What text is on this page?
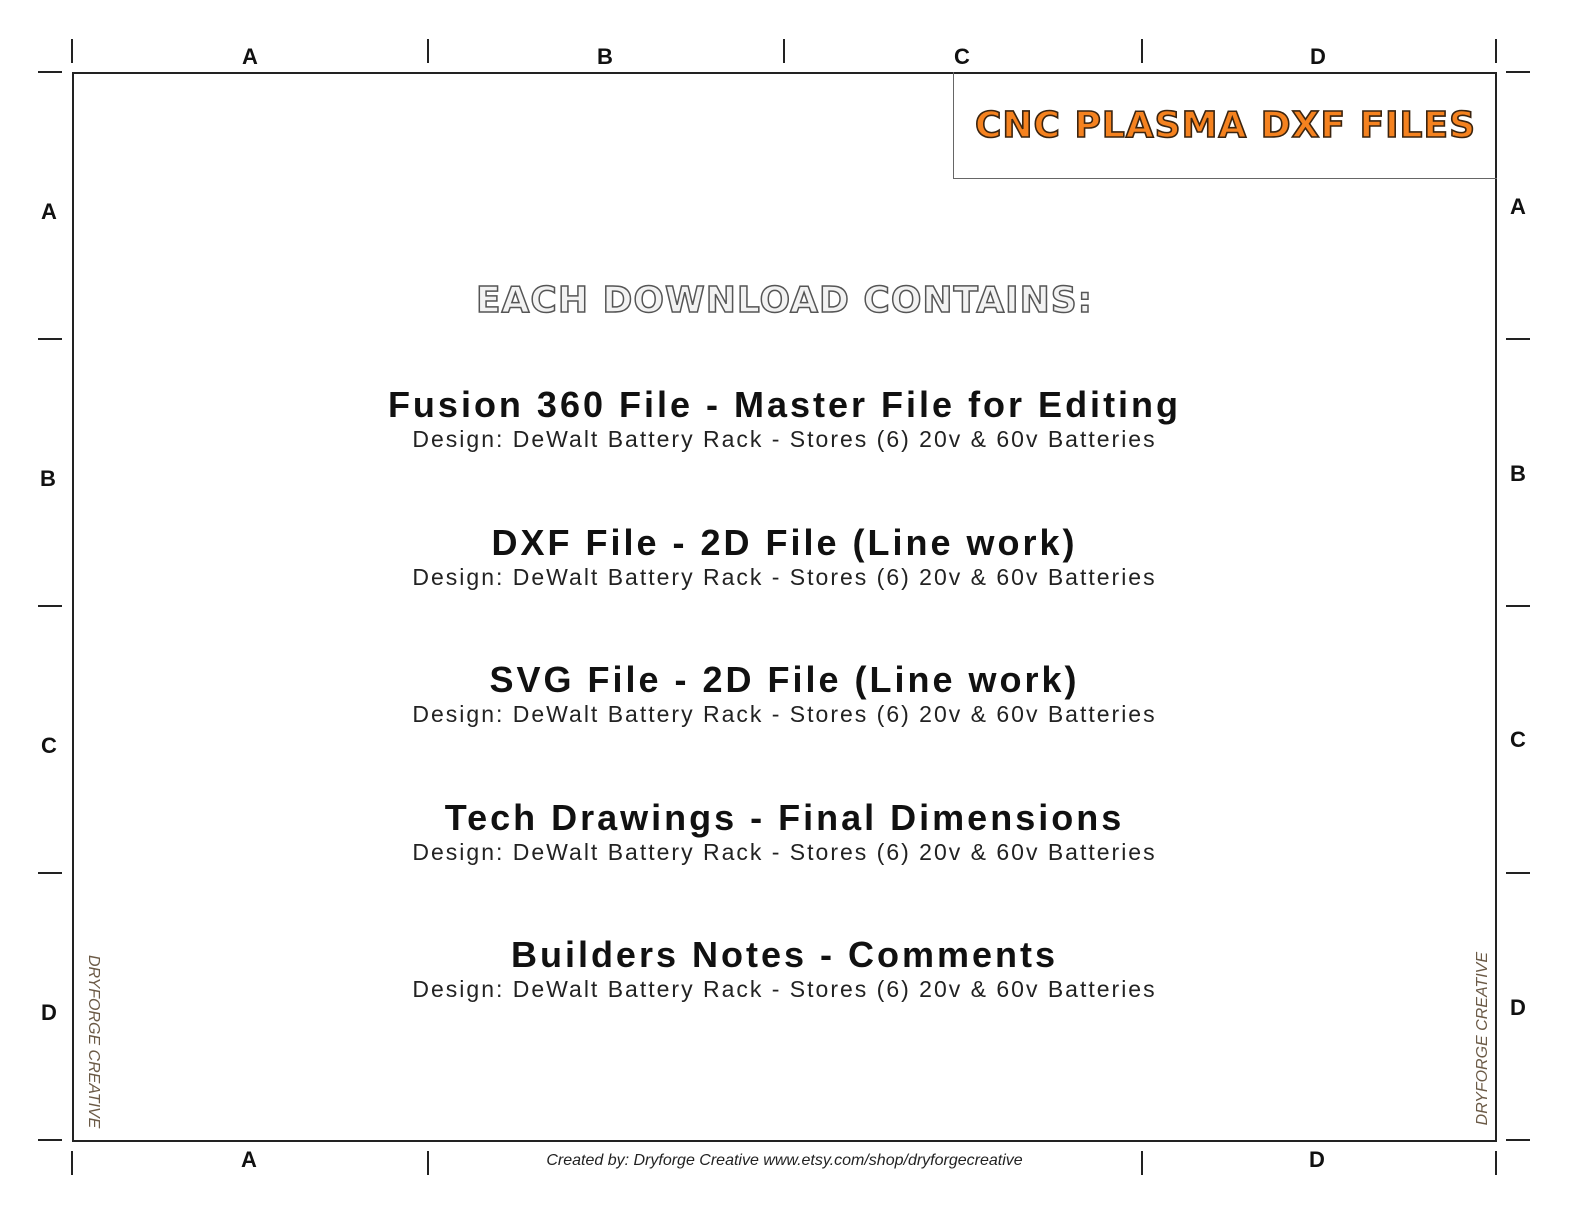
A	B	C	D
A	D
A
B
C
D
A
B
C
D
CNC PLASMA DXF FILES
EACH DOWNLOAD CONTAINS:
Fusion 360 File - Master File for Editing
Design: DeWalt Battery Rack - Stores (6) 20v & 60v Batteries
DXF File - 2D File (Line work)
Design: DeWalt Battery Rack - Stores (6) 20v & 60v Batteries
SVG File - 2D File (Line work)
Design: DeWalt Battery Rack - Stores (6) 20v & 60v Batteries
Tech Drawings - Final Dimensions
Design: DeWalt Battery Rack - Stores (6) 20v & 60v Batteries
Builders Notes - Comments
Design: DeWalt Battery Rack - Stores (6) 20v & 60v Batteries
DRYFORGE CREATIVE	DRYFORGE CREATIVE
Created by: Dryforge Creative www.etsy.com/shop/dryforgecreative
